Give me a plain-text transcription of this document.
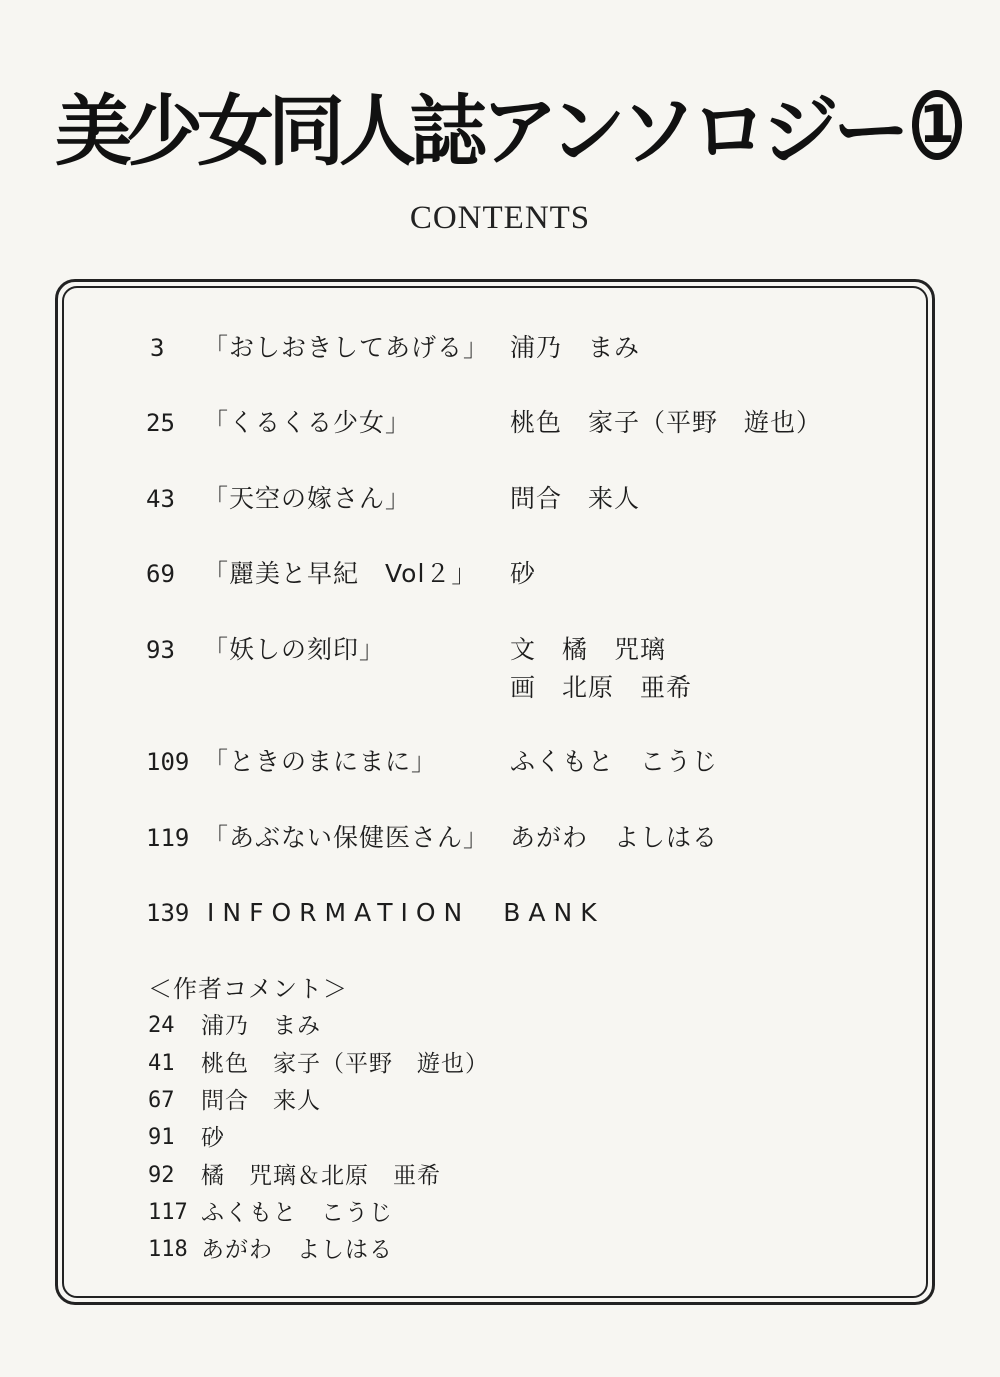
美少女同人誌アンソロジー 1
CONTENTS
3 「おしおきしてあげる」 浦乃　まみ
25 「くるくる少女」	桃色　家子（平野　遊也）
43 「天空の嫁さん」	問合　来人
69 「麗美と早紀　Vol２」 砂
93 「妖しの刻印」	文　橘　咒璃
画　北原　亜希
109 「ときのまにまに」	ふくもと　こうじ
119 「あぶない保健医さん」 あがわ　よしはる
139 INFORMATION　BANK
＜作者コメント＞
24 浦乃　まみ
41 桃色　家子（平野　遊也）
67 問合　来人
91 砂
92 橘　咒璃＆北原　亜希
117 ふくもと　こうじ
118 あがわ　よしはる
